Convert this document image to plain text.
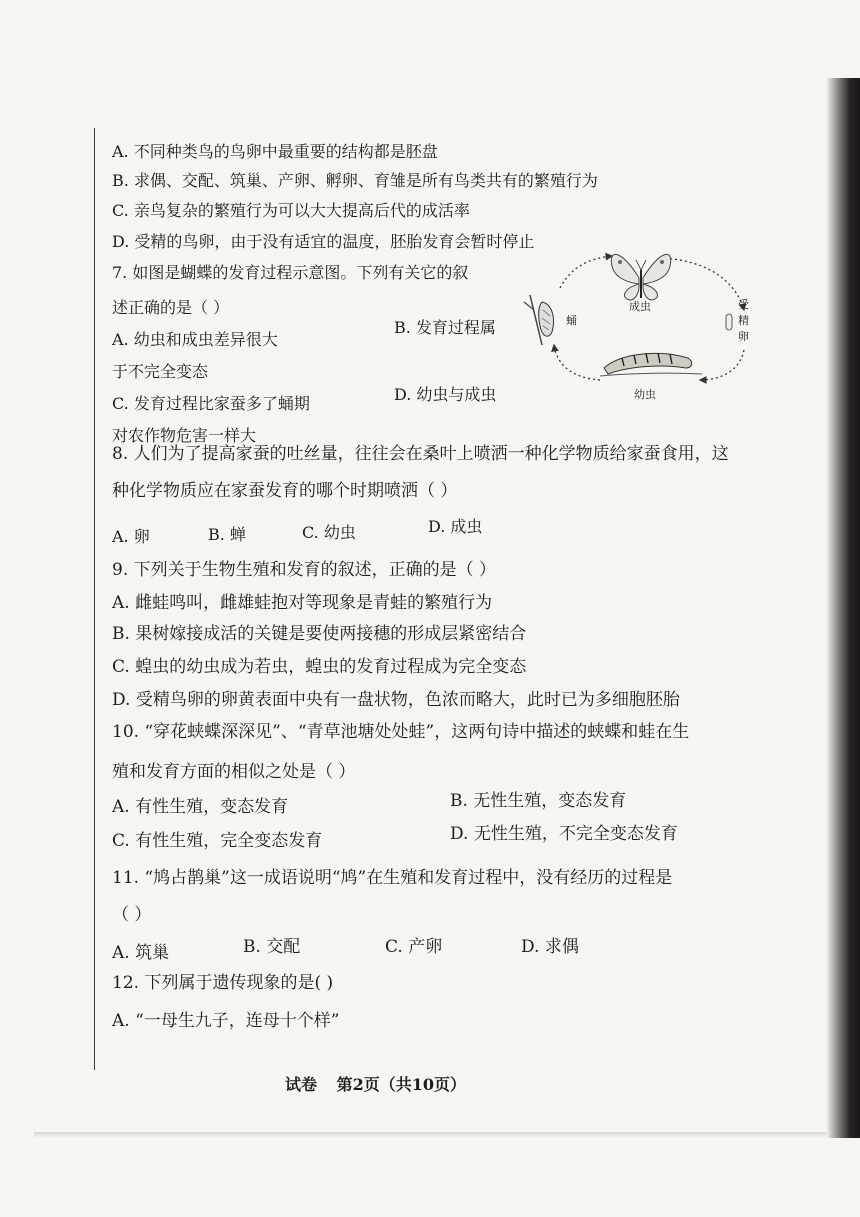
A. 不同种类鸟的鸟卵中最重要的结构都是胚盘
B. 求偶、交配、筑巢、产卵、孵卵、育雏是所有鸟类共有的繁殖行为
C. 亲鸟复杂的繁殖行为可以大大提高后代的成活率
D. 受精的鸟卵，由于没有适宜的温度，胚胎发育会暂时停止
7. 如图是蝴蝶的发育过程示意图。下列有关它的叙
述正确的是（ ）
A. 幼虫和成虫差异很大
B. 发育过程属
于不完全变态
C. 发育过程比家蚕多了蛹期	D. 幼虫与成虫
对农作物危害一样大
成虫
蛹
受
精
卵
幼虫
8. 人们为了提高家蚕的吐丝量，往往会在桑叶上喷洒一种化学物质给家蚕食用，这
种化学物质应在家蚕发育的哪个时期喷洒（ ）
A. 卵	B. 蝉	C. 幼虫	D. 成虫
9. 下列关于生物生殖和发育的叙述，正确的是（ ）
A. 雌蛙鸣叫，雌雄蛙抱对等现象是青蛙的繁殖行为
B. 果树嫁接成活的关键是要使两接穗的形成层紧密结合
C. 蝗虫的幼虫成为若虫，蝗虫的发育过程成为完全变态
D. 受精鸟卵的卵黄表面中央有一盘状物，色浓而略大，此时已为多细胞胚胎
10. “穿花蛱蝶深深见”、“青草池塘处处蛙”，这两句诗中描述的蛱蝶和蛙在生
殖和发育方面的相似之处是（ ）
A. 有性生殖，变态发育	B. 无性生殖，变态发育
C. 有性生殖，完全变态发育	D. 无性生殖，不完全变态发育
11. “鸠占鹊巢”这一成语说明“鸠”在生殖和发育过程中，没有经历的过程是
（ ）
A. 筑巢	B. 交配	C. 产卵	D. 求偶
12. 下列属于遗传现象的是( )
A. “一母生九子，连母十个样”
试卷 第2页（共10页）
